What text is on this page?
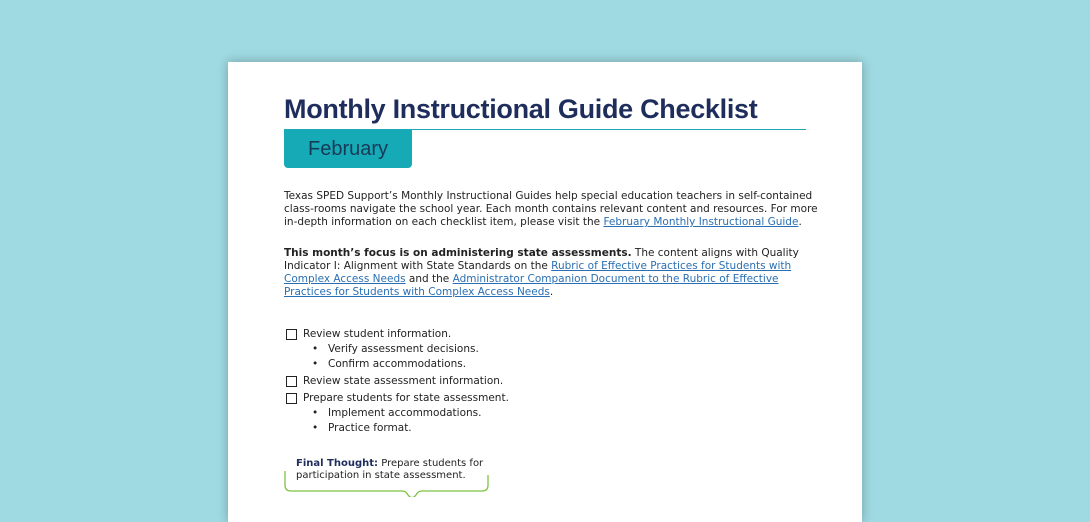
Monthly Instructional Guide Checklist
February
Texas SPED Support’s Monthly Instructional Guides help special education teachers in self-contained class-rooms navigate the school year. Each month contains relevant content and resources. For more in-depth information on each checklist item, please visit the February Monthly Instructional Guide.
This month’s focus is on administering state assessments. The content aligns with Quality Indicator I: Alignment with State Standards on the Rubric of Effective Practices for Students with Complex Access Needs and the Administrator Companion Document to the Rubric of Effective Practices for Students with Complex Access Needs.
Review student information.
• Verify assessment decisions.
• Confirm accommodations.
Review state assessment information.
Prepare students for state assessment.
• Implement accommodations.
• Practice format.
Final Thought: Prepare students for participation in state assessment.
